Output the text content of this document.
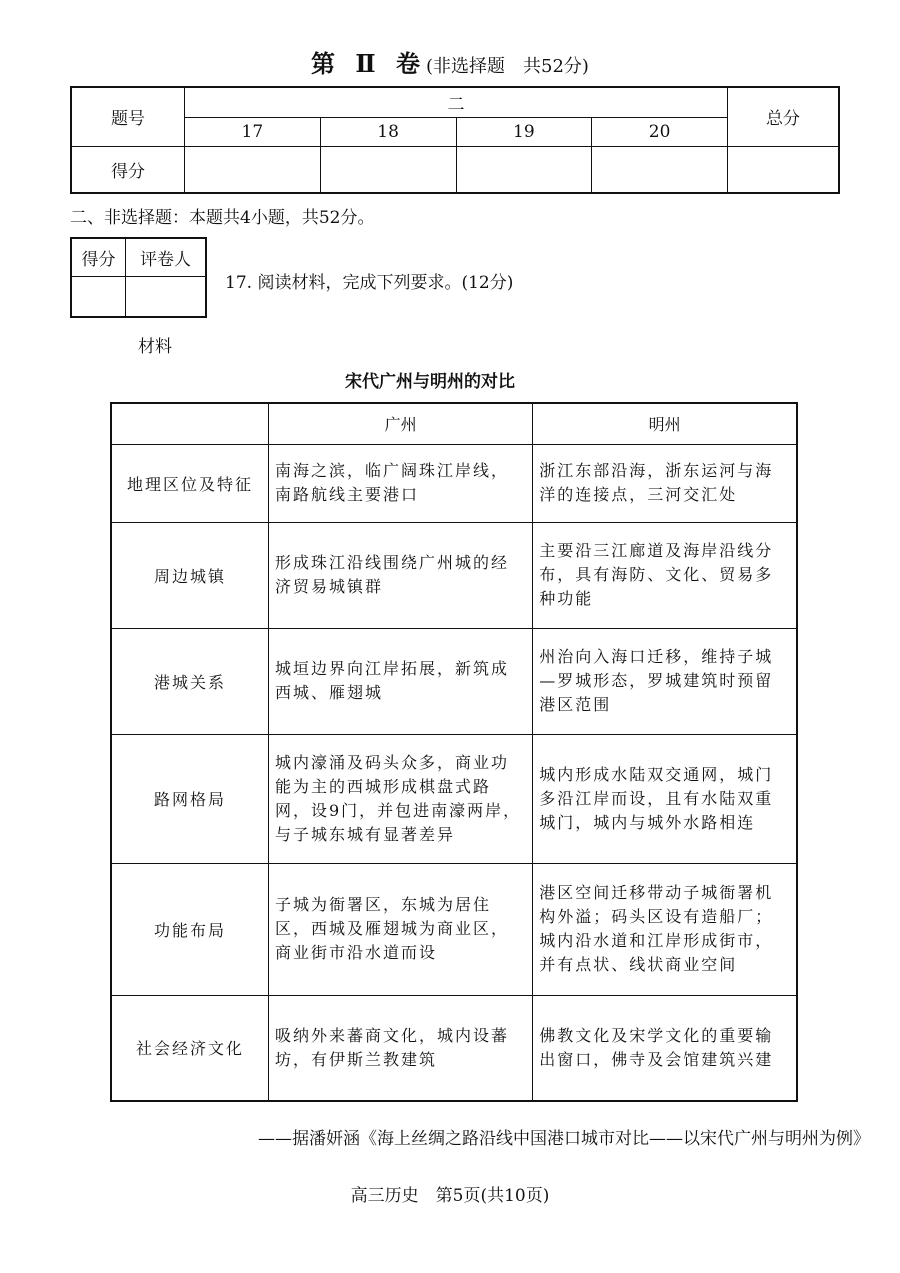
第 Ⅱ 卷(非选择题　共52分)
题号	二				总分
	17	18	19	20	
得分					
二、非选择题：本题共4小题，共52分。
得分	评卷人

17. 阅读材料，完成下列要求。(12分)
材料
宋代广州与明州的对比
	广州	明州
地理区位及特征	南海之滨，临广阔珠江岸线，南路航线主要港口	浙江东部沿海，浙东运河与海洋的连接点，三河交汇处
周边城镇	形成珠江沿线围绕广州城的经济贸易城镇群	主要沿三江廊道及海岸沿线分布，具有海防、文化、贸易多种功能
港城关系	城垣边界向江岸拓展，新筑成西城、雁翅城	州治向入海口迁移，维持子城—罗城形态，罗城建筑时预留港区范围
路网格局	城内濠涌及码头众多，商业功能为主的西城形成棋盘式路网，设9门，并包进南濠两岸，与子城东城有显著差异	城内形成水陆双交通网，城门多沿江岸而设，且有水陆双重城门，城内与城外水路相连
功能布局	子城为衙署区，东城为居住区，西城及雁翅城为商业区，商业街市沿水道而设	港区空间迁移带动子城衙署机构外溢；码头区设有造船厂；城内沿水道和江岸形成街市，并有点状、线状商业空间
社会经济文化	吸纳外来蕃商文化，城内设蕃坊，有伊斯兰教建筑	佛教文化及宋学文化的重要输出窗口，佛寺及会馆建筑兴建
——据潘妍涵《海上丝绸之路沿线中国港口城市对比——以宋代广州与明州为例》
高三历史　第5页(共10页)
